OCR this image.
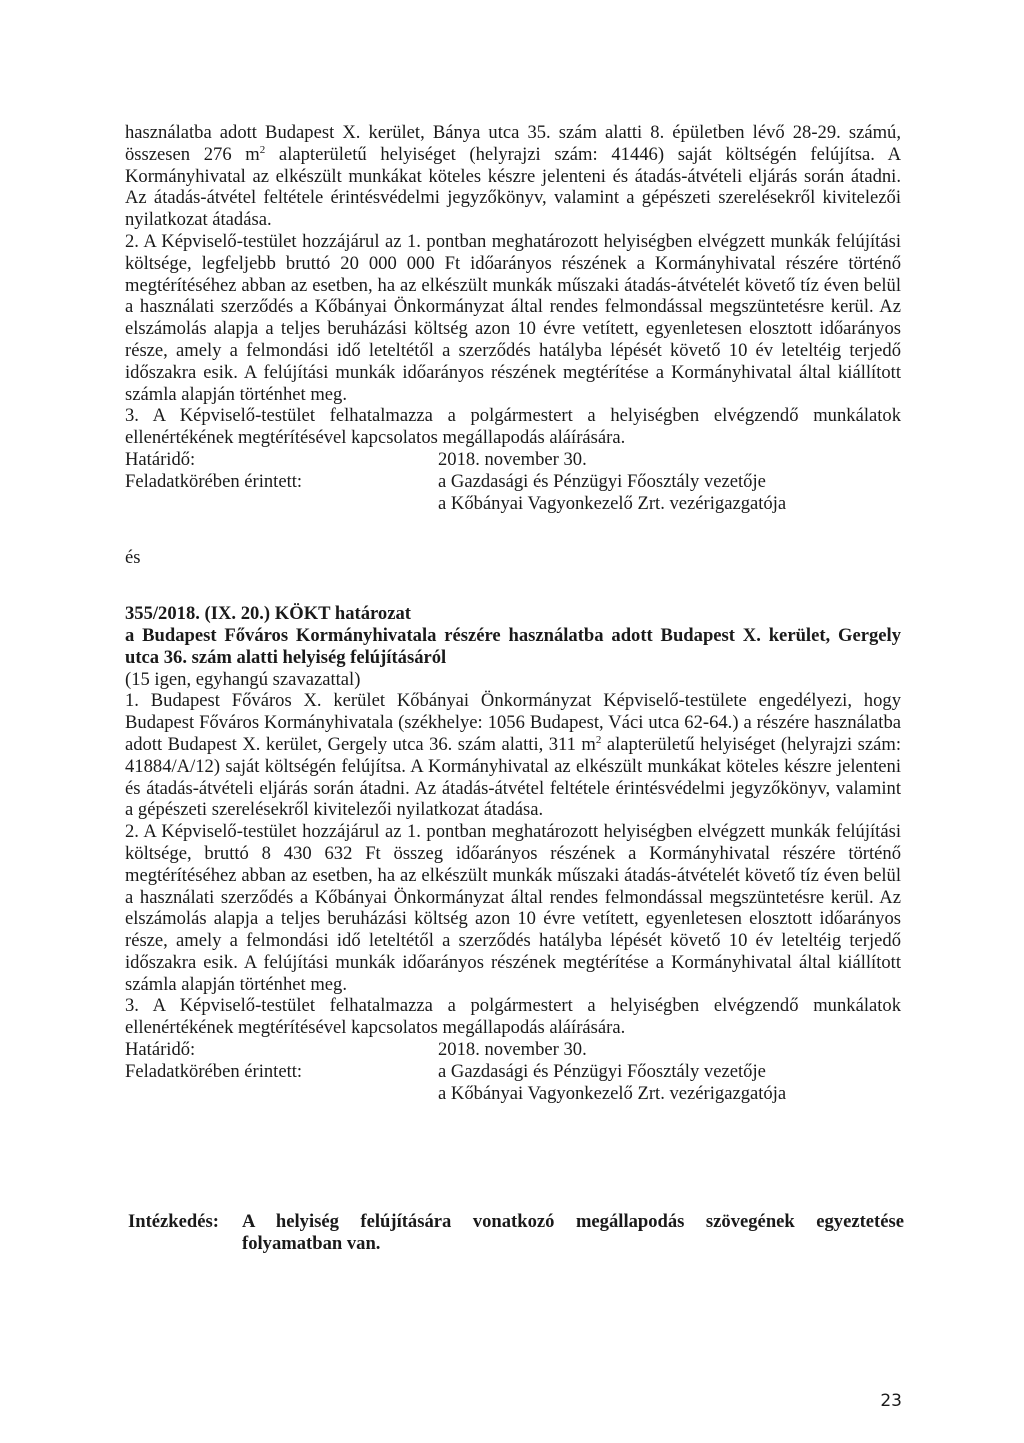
használatba adott Budapest X. kerület, Bánya utca 35. szám alatti 8. épületben lévő 28-29. számú, összesen 276 $m^2$ alapterületű helyiséget (helyrajzi szám: 41446) saját költségén felújítsa. A Kormányhivatal az elkészült munkákat köteles készre jelenteni és átadás-átvételi eljárás során átadni. Az átadás-átvétel feltétele érintésvédelmi jegyzőkönyv, valamint a gépészeti szerelésekről kivitelezői nyilatkozat átadása.

2. A Képviselő-testület hozzájárul az 1. pontban meghatározott helyiségben elvégzett munkák felújítási költsége, legfeljebb bruttó 20 000 000 Ft időarányos részének a Kormányhivatal részére történő megtérítéséhez abban az esetben, ha az elkészült munkák műszaki átadás-átvételét követő tíz éven belül a használati szerződés a Kőbányai Önkormányzat által rendes felmondással megszüntetésre kerül. Az elszámolás alapja a teljes beruházási költség azon 10 évre vetített, egyenletesen elosztott időarányos része, amely a felmondási idő leteltétől a szerződés hatályba lépését követő 10 év leteltéig terjedő időszakra esik. A felújítási munkák időarányos részének megtérítése a Kormányhivatal által kiállított számla alapján történhet meg.

3. A Képviselő-testület felhatalmazza a polgármestert a helyiségben elvégzendő munkálatok ellenértékének megtérítésével kapcsolatos megállapodás aláírására.

Határidő:	2018. november 30.
Feladatkörében érintett:	a Gazdasági és Pénzügyi Főosztály vezetője
a Kőbányai Vagyonkezelő Zrt. vezérigazgatója

és

355/2018. (IX. 20.) KÖKT határozat

a Budapest Főváros Kormányhivatala részére használatba adott Budapest X. kerület, Gergely utca 36. szám alatti helyiség felújításáról

(15 igen, egyhangú szavazattal)

1. Budapest Főváros X. kerület Kőbányai Önkormányzat Képviselő-testülete engedélyezi, hogy Budapest Főváros Kormányhivatala (székhelye: 1056 Budapest, Váci utca 62-64.) a részére használatba adott Budapest X. kerület, Gergely utca 36. szám alatti, 311 $m^2$ alapterületű helyiséget (helyrajzi szám: 41884/A/12) saját költségén felújítsa. A Kormányhivatal az elkészült munkákat köteles készre jelenteni és átadás-átvételi eljárás során átadni. Az átadás-átvétel feltétele érintésvédelmi jegyzőkönyv, valamint a gépészeti szerelésekről kivitelezői nyilatkozat átadása.

2. A Képviselő-testület hozzájárul az 1. pontban meghatározott helyiségben elvégzett munkák felújítási költsége, bruttó 8 430 632 Ft összeg időarányos részének a Kormányhivatal részére történő megtérítéséhez abban az esetben, ha az elkészült munkák műszaki átadás-átvételét követő tíz éven belül a használati szerződés a Kőbányai Önkormányzat által rendes felmondással megszüntetésre kerül. Az elszámolás alapja a teljes beruházási költség azon 10 évre vetített, egyenletesen elosztott időarányos része, amely a felmondási idő leteltétől a szerződés hatályba lépését követő 10 év leteltéig terjedő időszakra esik. A felújítási munkák időarányos részének megtérítése a Kormányhivatal által kiállított számla alapján történhet meg.

3. A Képviselő-testület felhatalmazza a polgármestert a helyiségben elvégzendő munkálatok ellenértékének megtérítésével kapcsolatos megállapodás aláírására.

Határidő:	2018. november 30.
Feladatkörében érintett:	a Gazdasági és Pénzügyi Főosztály vezetője
a Kőbányai Vagyonkezelő Zrt. vezérigazgatója
Intézkedés:	A helyiség felújítására vonatkozó megállapodás szövegének egyeztetése folyamatban van.
23
